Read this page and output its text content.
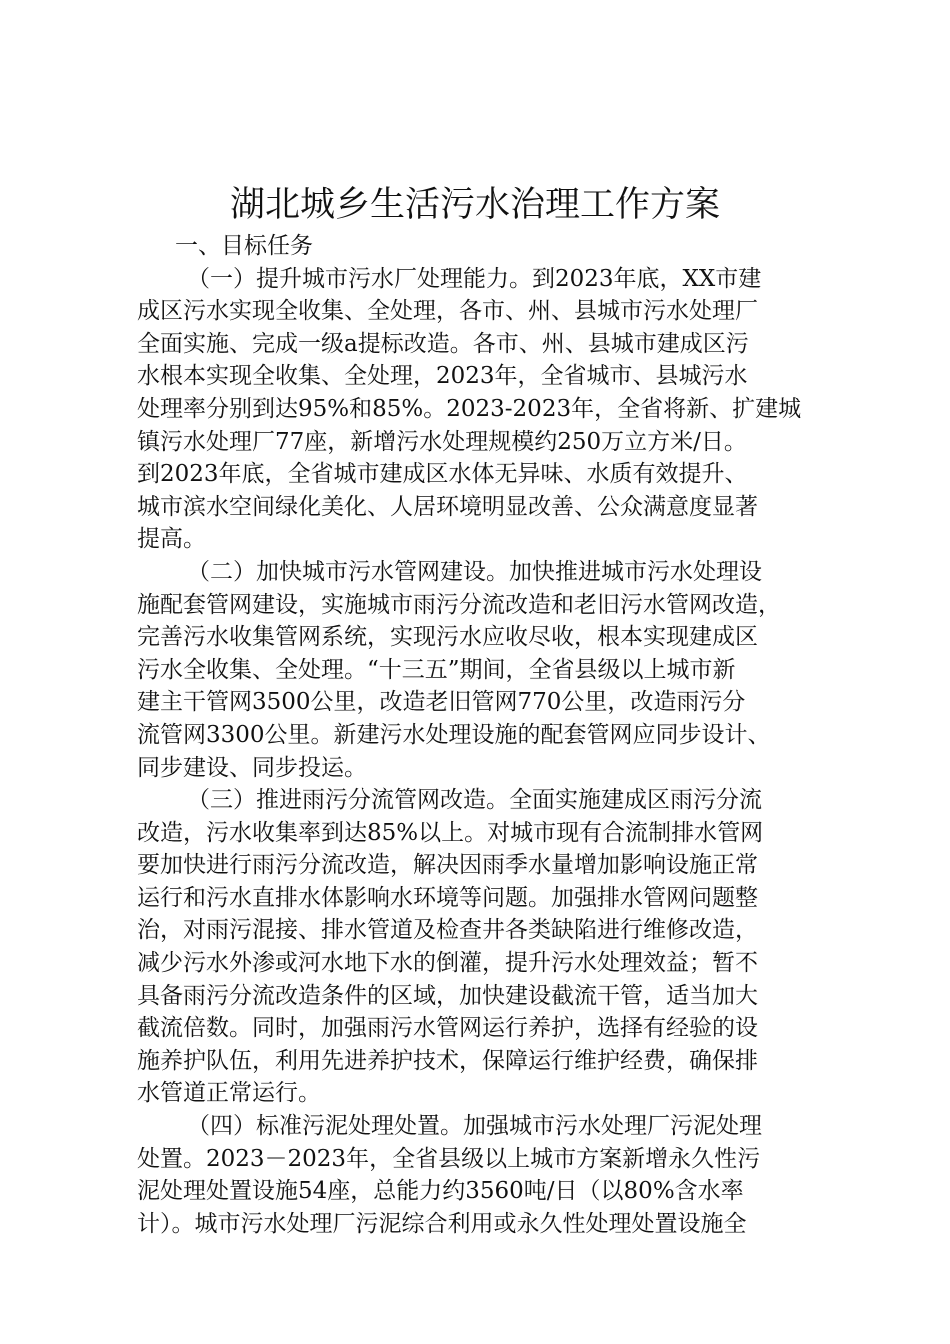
湖北城乡生活污水治理工作方案

一、目标任务

（一）提升城市污水厂处理能力。到2023年底，XX市建

成区污水实现全收集、全处理，各市、州、县城市污水处理厂

全面实施、完成一级a提标改造。各市、州、县城市建成区污

水根本实现全收集、全处理，2023年，全省城市、县城污水

处理率分别到达95%和85%。2023-2023年，全省将新、扩建城

镇污水处理厂77座，新增污水处理规模约250万立方米/日。

到2023年底，全省城市建成区水体无异味、水质有效提升、

城市滨水空间绿化美化、人居环境明显改善、公众满意度显著

提高。

（二）加快城市污水管网建设。加快推进城市污水处理设

施配套管网建设，实施城市雨污分流改造和老旧污水管网改造，

完善污水收集管网系统，实现污水应收尽收，根本实现建成区

污水全收集、全处理。“十三五”期间，全省县级以上城市新

建主干管网3500公里，改造老旧管网770公里，改造雨污分

流管网3300公里。新建污水处理设施的配套管网应同步设计、

同步建设、同步投运。

（三）推进雨污分流管网改造。全面实施建成区雨污分流

改造，污水收集率到达85%以上。对城市现有合流制排水管网

要加快进行雨污分流改造，解决因雨季水量增加影响设施正常

运行和污水直排水体影响水环境等问题。加强排水管网问题整

治，对雨污混接、排水管道及检查井各类缺陷进行维修改造，

减少污水外渗或河水地下水的倒灌，提升污水处理效益；暂不

具备雨污分流改造条件的区域，加快建设截流干管，适当加大

截流倍数。同时，加强雨污水管网运行养护，选择有经验的设

施养护队伍，利用先进养护技术，保障运行维护经费，确保排

水管道正常运行。

（四）标准污泥处理处置。加强城市污水处理厂污泥处理

处置。2023－2023年，全省县级以上城市方案新增永久性污

泥处理处置设施54座，总能力约3560吨/日（以80%含水率

计）。城市污水处理厂污泥综合利用或永久性处理处置设施全
